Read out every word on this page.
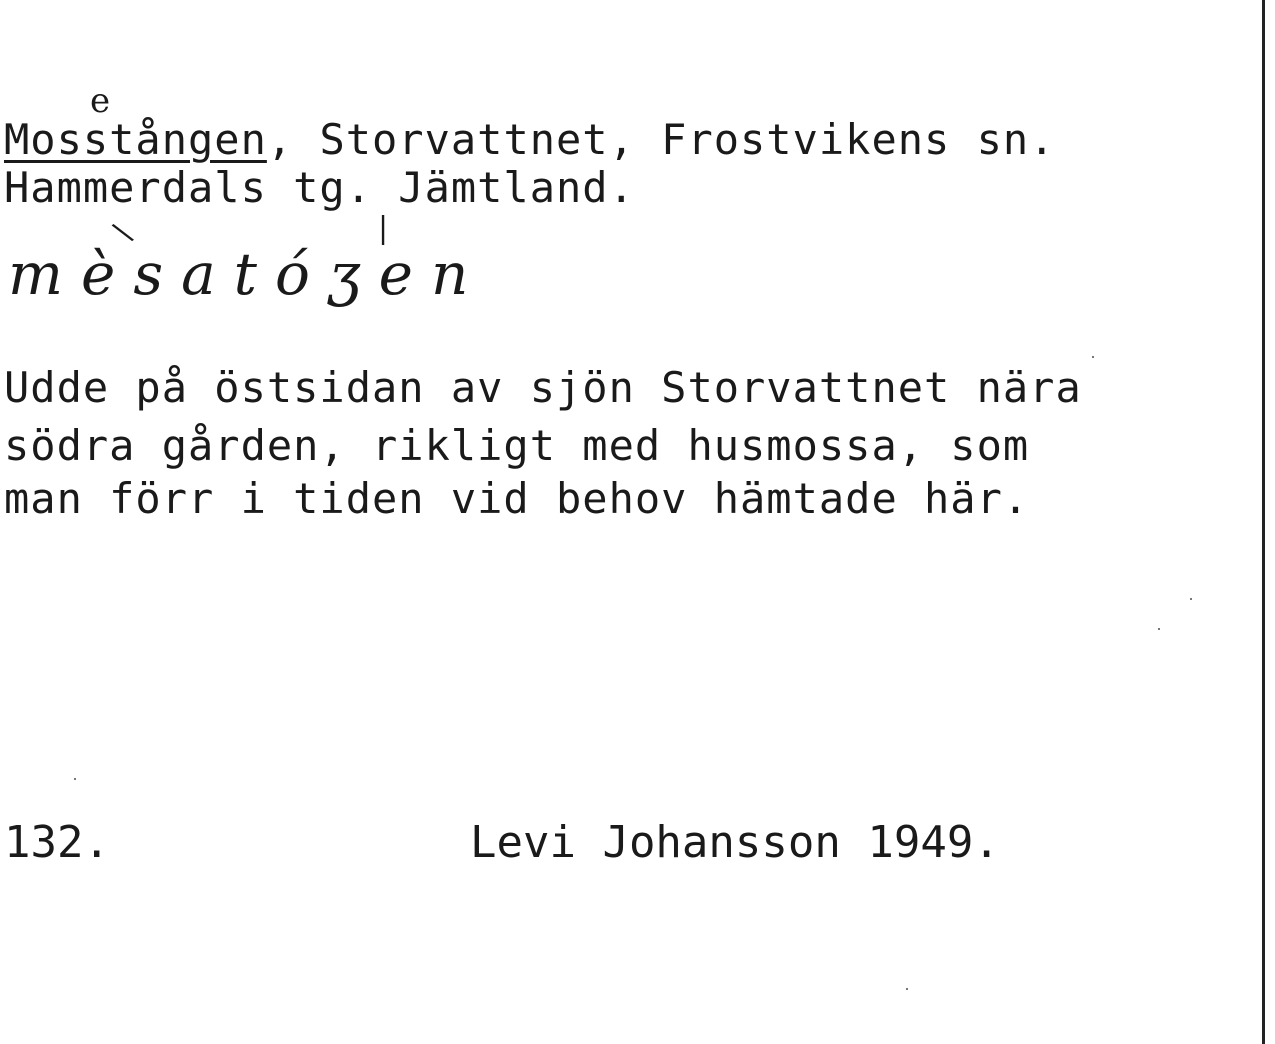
e
Mosstången, Storvattnet, Frostvikens sn.
Hammerdals tg. Jämtland.
\	|
mèsatóʒen
Udde på östsidan av sjön Storvattnet nära
södra gården, rikligt med husmossa, som
man förr i tiden vid behov hämtade här.
132.	Levi Johansson 1949.
